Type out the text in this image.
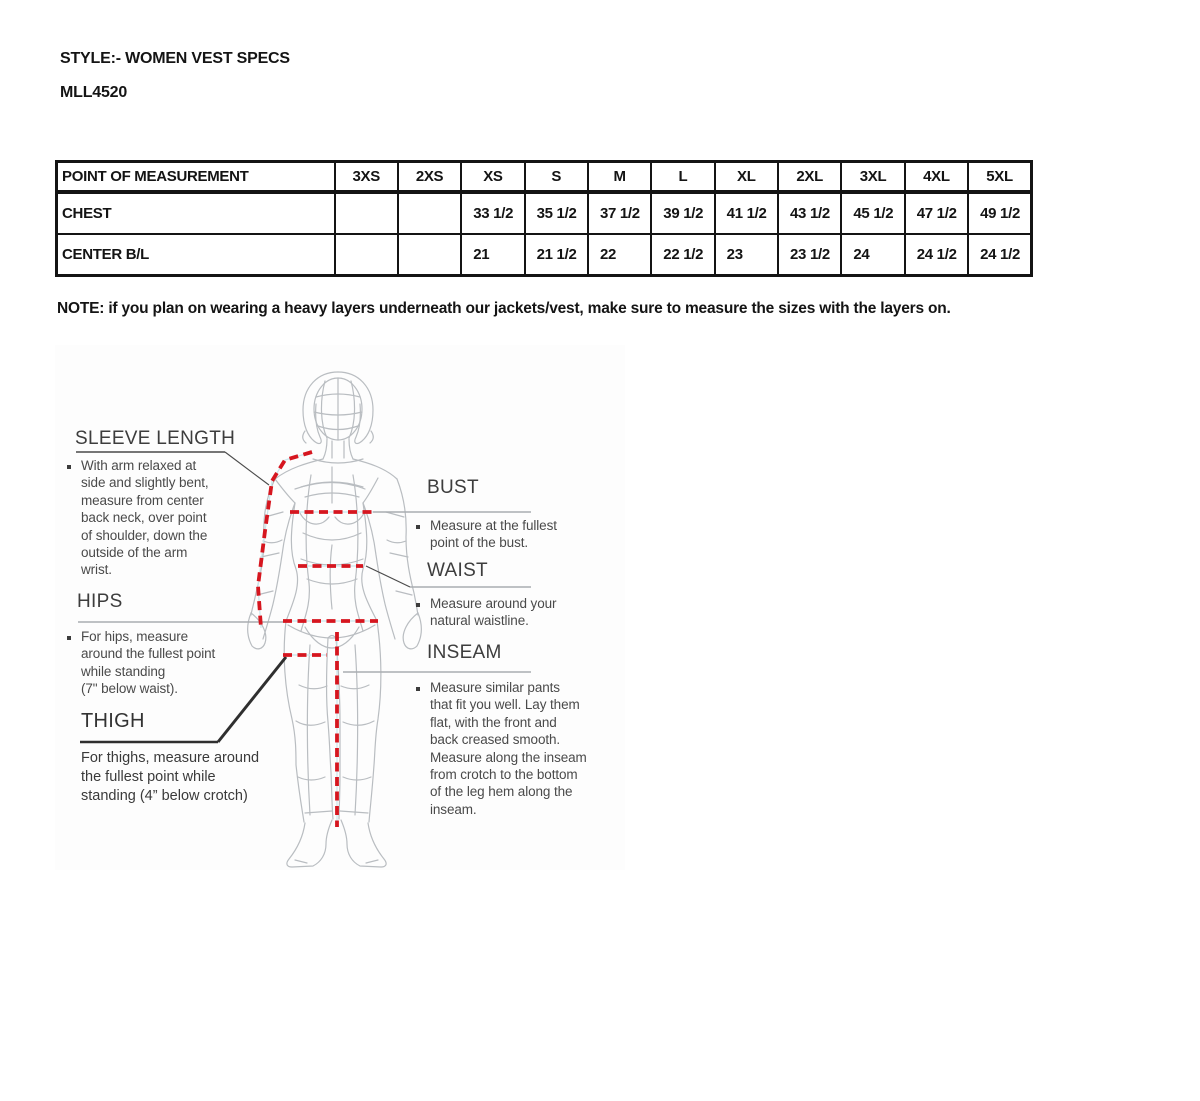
STYLE:- WOMEN VEST SPECS
MLL4520
POINT OF MEASUREMENT	3XS	2XS	XS	S	M	L	XL	2XL	3XL	4XL	5XL
CHEST			33 1/2	35 1/2	37 1/2	39 1/2	41 1/2	43 1/2	45 1/2	47 1/2	49 1/2
CENTER B/L			21	21 1/2	22	22 1/2	23	23 1/2	24	24 1/2	24 1/2
NOTE: if you plan on wearing a heavy layers underneath our jackets/vest, make sure to measure the sizes with the layers on.
SLEEVE LENGTH
With arm relaxed at
side and slightly bent,
measure from center
back neck, over point
of shoulder, down the
outside of the arm
wrist.
HIPS
For hips, measure
around the fullest point
while standing
(7" below waist).
THIGH
For thighs, measure around
the fullest point while
standing (4” below crotch)
BUST
Measure at the fullest
point of the bust.
WAIST
Measure around your
natural waistline.
INSEAM
Measure similar pants
that fit you well. Lay them
flat, with the front and
back creased smooth.
Measure along the inseam
from crotch to the bottom
of the leg hem along the
inseam.
